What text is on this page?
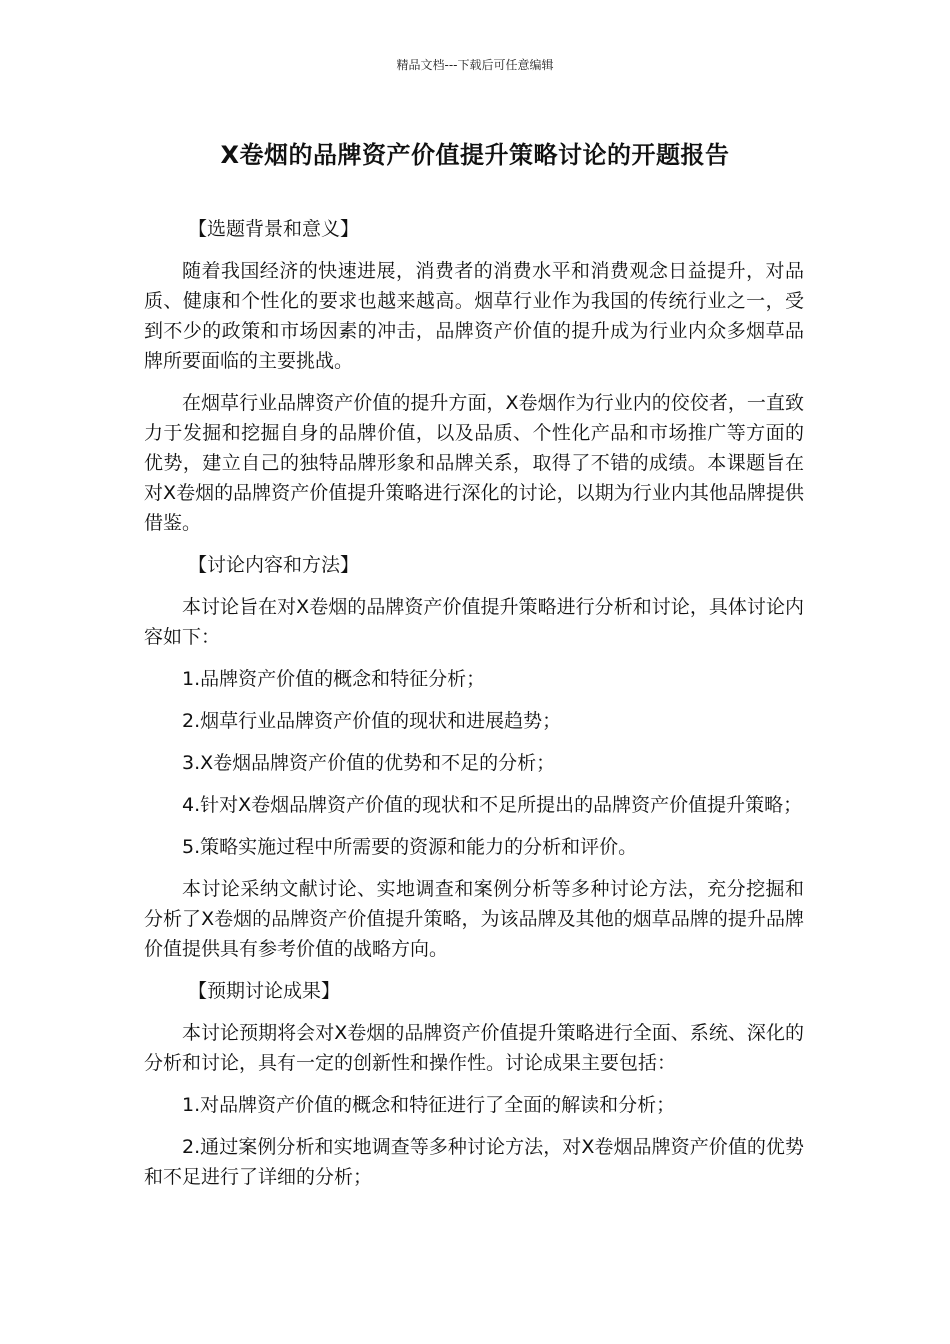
精品文档---下载后可任意编辑
X卷烟的品牌资产价值提升策略讨论的开题报告
【选题背景和意义】

随着我国经济的快速进展，消费者的消费水平和消费观念日益提升，对品质、健康和个性化的要求也越来越高。烟草行业作为我国的传统行业之一，受到不少的政策和市场因素的冲击，品牌资产价值的提升成为行业内众多烟草品牌所要面临的主要挑战。

在烟草行业品牌资产价值的提升方面，X卷烟作为行业内的佼佼者，一直致力于发掘和挖掘自身的品牌价值，以及品质、个性化产品和市场推广等方面的优势，建立自己的独特品牌形象和品牌关系，取得了不错的成绩。本课题旨在对X卷烟的品牌资产价值提升策略进行深化的讨论，以期为行业内其他品牌提供借鉴。

【讨论内容和方法】

本讨论旨在对X卷烟的品牌资产价值提升策略进行分析和讨论，具体讨论内容如下：

1.品牌资产价值的概念和特征分析；

2.烟草行业品牌资产价值的现状和进展趋势；

3.X卷烟品牌资产价值的优势和不足的分析；

4.针对X卷烟品牌资产价值的现状和不足所提出的品牌资产价值提升策略；

5.策略实施过程中所需要的资源和能力的分析和评价。

本讨论采纳文献讨论、实地调查和案例分析等多种讨论方法，充分挖掘和分析了X卷烟的品牌资产价值提升策略，为该品牌及其他的烟草品牌的提升品牌价值提供具有参考价值的战略方向。

【预期讨论成果】

本讨论预期将会对X卷烟的品牌资产价值提升策略进行全面、系统、深化的分析和讨论，具有一定的创新性和操作性。讨论成果主要包括：

1.对品牌资产价值的概念和特征进行了全面的解读和分析；

2.通过案例分析和实地调查等多种讨论方法，对X卷烟品牌资产价值的优势和不足进行了详细的分析；
